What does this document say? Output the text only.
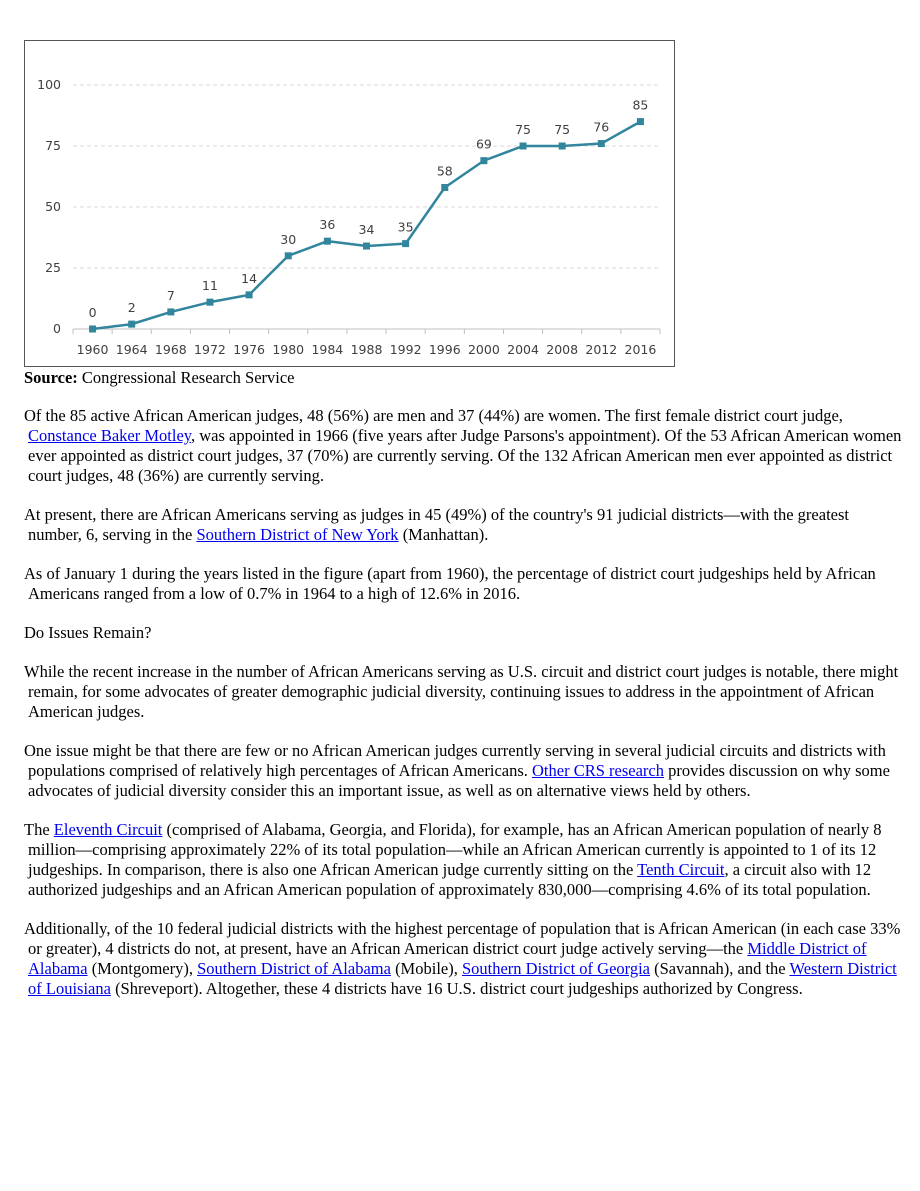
0
25
50
75
100
1960 1964 1968 1972 1976 1980 1984 1988 1992 1996 2000 2004 2008 2012 2016
0 2
7
11 14
30
36 34 35
58
69
75 75 76
85

Source: Congressional Research Service

Of the 85 active African American judges, 48 (56%) are men and 37 (44%) are women. The first female district court judge, Constance Baker Motley, was appointed in 1966 (five years after Judge Parsons's appointment). Of the 53 African American women ever appointed as district court judges, 37 (70%) are currently serving. Of the 132 African American men ever appointed as district court judges, 48 (36%) are currently serving.

At present, there are African Americans serving as judges in 45 (49%) of the country's 91 judicial districts—with the greatest number, 6, serving in the Southern District of New York (Manhattan).

As of January 1 during the years listed in the figure (apart from 1960), the percentage of district court judgeships held by African Americans ranged from a low of 0.7% in 1964 to a high of 12.6% in 2016.

Do Issues Remain?

While the recent increase in the number of African Americans serving as U.S. circuit and district court judges is notable, there might remain, for some advocates of greater demographic judicial diversity, continuing issues to address in the appointment of African American judges.

One issue might be that there are few or no African American judges currently serving in several judicial circuits and districts with populations comprised of relatively high percentages of African Americans. Other CRS research provides discussion on why some advocates of judicial diversity consider this an important issue, as well as on alternative views held by others.

The Eleventh Circuit (comprised of Alabama, Georgia, and Florida), for example, has an African American population of nearly 8 million—comprising approximately 22% of its total population—while an African American currently is appointed to 1 of its 12 judgeships. In comparison, there is also one African American judge currently sitting on the Tenth Circuit, a circuit also with 12 authorized judgeships and an African American population of approximately 830,000—comprising 4.6% of its total population.

Additionally, of the 10 federal judicial districts with the highest percentage of population that is African American (in each case 33% or greater), 4 districts do not, at present, have an African American district court judge actively serving—the Middle District of Alabama (Montgomery), Southern District of Alabama (Mobile), Southern District of Georgia (Savannah), and the Western District of Louisiana (Shreveport). Altogether, these 4 districts have 16 U.S. district court judgeships authorized by Congress.
